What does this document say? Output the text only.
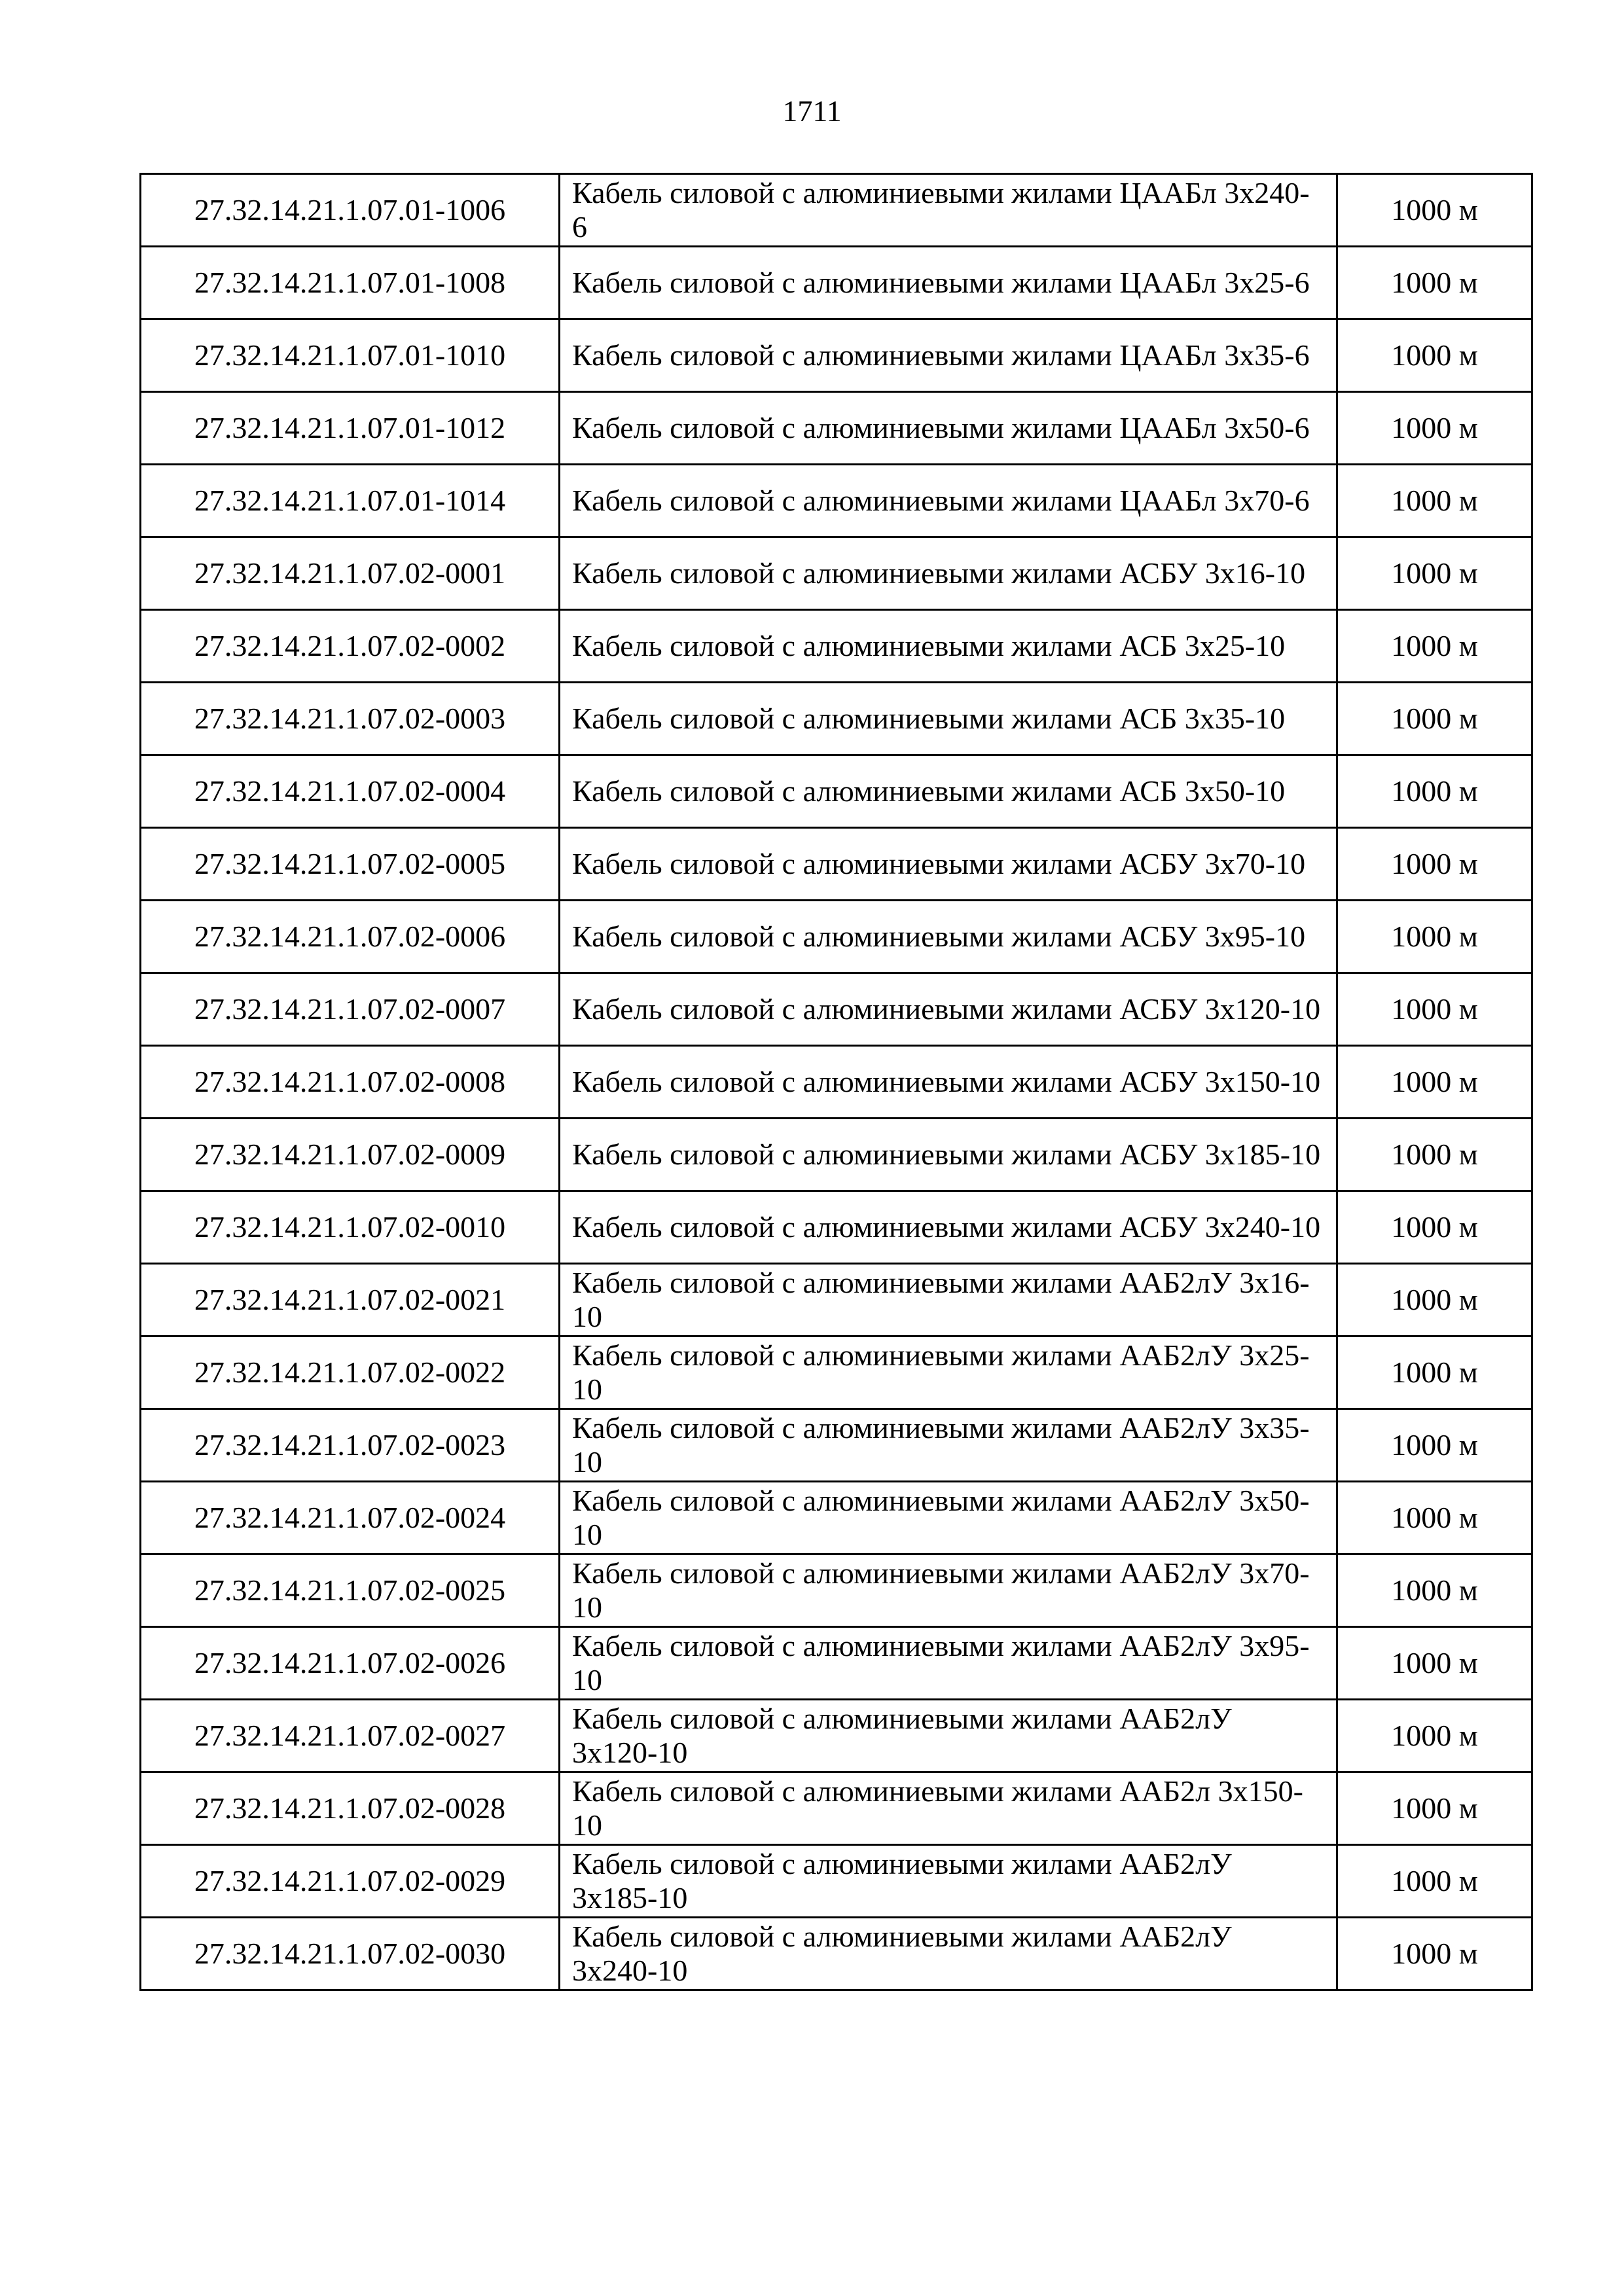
1711
27.32.14.21.1.07.01-1006	Кабель силовой с алюминиевыми жилами ЦААБл 3х240-6	1000 м
27.32.14.21.1.07.01-1008	Кабель силовой с алюминиевыми жилами ЦААБл 3х25-6	1000 м
27.32.14.21.1.07.01-1010	Кабель силовой с алюминиевыми жилами ЦААБл 3х35-6	1000 м
27.32.14.21.1.07.01-1012	Кабель силовой с алюминиевыми жилами ЦААБл 3х50-6	1000 м
27.32.14.21.1.07.01-1014	Кабель силовой с алюминиевыми жилами ЦААБл 3х70-6	1000 м
27.32.14.21.1.07.02-0001	Кабель силовой с алюминиевыми жилами АСБУ 3х16-10	1000 м
27.32.14.21.1.07.02-0002	Кабель силовой с алюминиевыми жилами АСБ 3х25-10	1000 м
27.32.14.21.1.07.02-0003	Кабель силовой с алюминиевыми жилами АСБ 3х35-10	1000 м
27.32.14.21.1.07.02-0004	Кабель силовой с алюминиевыми жилами АСБ 3х50-10	1000 м
27.32.14.21.1.07.02-0005	Кабель силовой с алюминиевыми жилами АСБУ 3х70-10	1000 м
27.32.14.21.1.07.02-0006	Кабель силовой с алюминиевыми жилами АСБУ 3х95-10	1000 м
27.32.14.21.1.07.02-0007	Кабель силовой с алюминиевыми жилами АСБУ 3х120-10	1000 м
27.32.14.21.1.07.02-0008	Кабель силовой с алюминиевыми жилами АСБУ 3х150-10	1000 м
27.32.14.21.1.07.02-0009	Кабель силовой с алюминиевыми жилами АСБУ 3х185-10	1000 м
27.32.14.21.1.07.02-0010	Кабель силовой с алюминиевыми жилами АСБУ 3х240-10	1000 м
27.32.14.21.1.07.02-0021	Кабель силовой с алюминиевыми жилами ААБ2лУ 3х16-10	1000 м
27.32.14.21.1.07.02-0022	Кабель силовой с алюминиевыми жилами ААБ2лУ 3х25-10	1000 м
27.32.14.21.1.07.02-0023	Кабель силовой с алюминиевыми жилами ААБ2лУ 3х35-10	1000 м
27.32.14.21.1.07.02-0024	Кабель силовой с алюминиевыми жилами ААБ2лУ 3х50-10	1000 м
27.32.14.21.1.07.02-0025	Кабель силовой с алюминиевыми жилами ААБ2лУ 3х70-10	1000 м
27.32.14.21.1.07.02-0026	Кабель силовой с алюминиевыми жилами ААБ2лУ 3х95-10	1000 м
27.32.14.21.1.07.02-0027	Кабель силовой с алюминиевыми жилами ААБ2лУ 3х120-10	1000 м
27.32.14.21.1.07.02-0028	Кабель силовой с алюминиевыми жилами ААБ2л 3х150-10	1000 м
27.32.14.21.1.07.02-0029	Кабель силовой с алюминиевыми жилами ААБ2лУ 3х185-10	1000 м
27.32.14.21.1.07.02-0030	Кабель силовой с алюминиевыми жилами ААБ2лУ 3х240-10	1000 м
